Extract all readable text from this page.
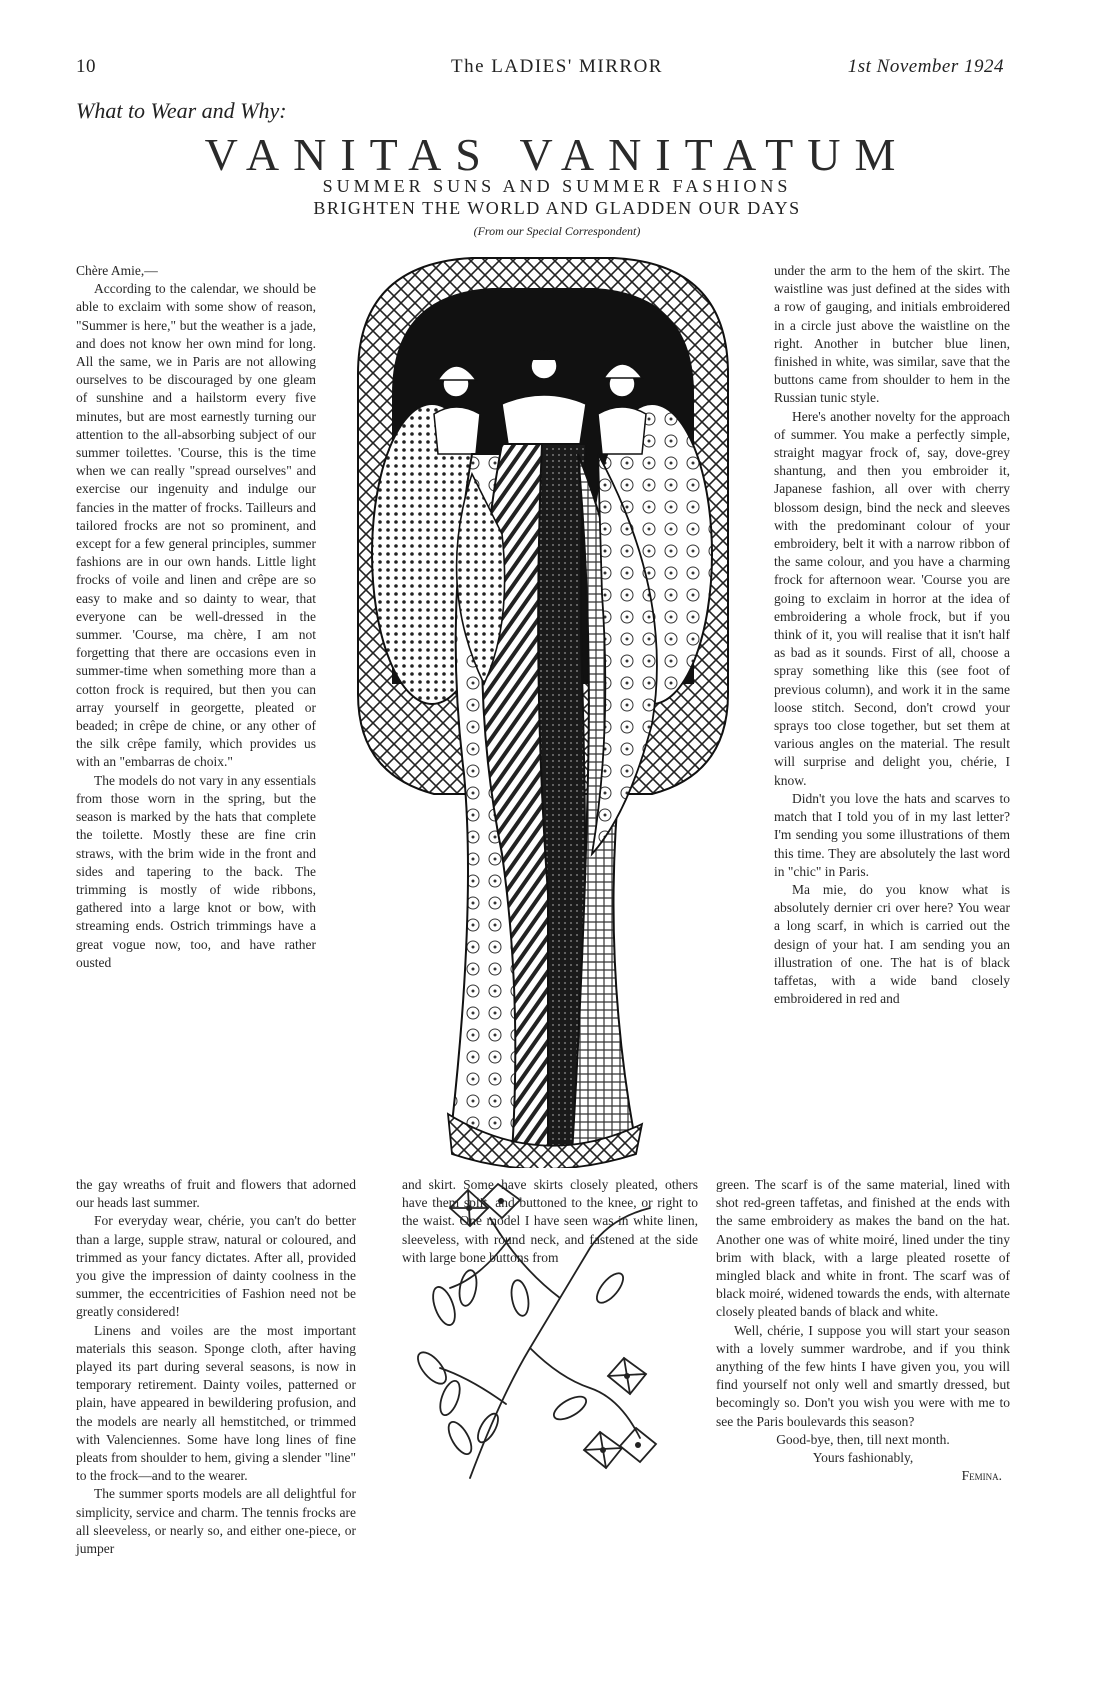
10	The LADIES' MIRROR	1st November 1924
What to Wear and Why:
VANITAS VANITATUM
SUMMER SUNS AND SUMMER FASHIONS
BRIGHTEN THE WORLD AND GLADDEN OUR DAYS
(From our Special Correspondent)

Chère Amie,—

According to the calendar, we should be able to exclaim with some show of reason, "Summer is here," but the weather is a jade, and does not know her own mind for long. All the same, we in Paris are not allowing ourselves to be discouraged by one gleam of sunshine and a hailstorm every five minutes, but are most earnestly turning our attention to the all-absorbing subject of our summer toilettes. 'Course, this is the time when we can really "spread ourselves" and exercise our ingenuity and indulge our fancies in the matter of frocks. Tailleurs and tailored frocks are not so prominent, and except for a few general principles, summer fashions are in our own hands. Little light frocks of voile and linen and crêpe are so easy to make and so dainty to wear, that everyone can be well-dressed in the summer. 'Course, ma chère, I am not forgetting that there are occasions even in summer-time when something more than a cotton frock is required, but then you can array yourself in georgette, pleated or beaded; in crêpe de chine, or any other of the silk crêpe family, which provides us with an "embarras de choix."

The models do not vary in any essentials from those worn in the spring, but the season is marked by the hats that complete the toilette. Mostly these are fine crin straws, with the brim wide in the front and sides and tapering to the back. The trimming is mostly of wide ribbons, gathered into a large knot or bow, with streaming ends. Ostrich trimmings have a great vogue now, too, and have rather ousted

the gay wreaths of fruit and flowers that adorned our heads last summer.

For everyday wear, chérie, you can't do better than a large, supple straw, natural or coloured, and trimmed as your fancy dictates. After all, provided you give the impression of dainty coolness in the summer, the eccentricities of Fashion need not be greatly considered!

Linens and voiles are the most important materials this season. Sponge cloth, after having played its part during several seasons, is now in temporary retirement. Dainty voiles, patterned or plain, have appeared in bewildering profusion, and the models are nearly all hemstitched, or trimmed with Valenciennes. Some have long lines of fine pleats from shoulder to hem, giving a slender "line" to the frock—and to the wearer.

The summer sports models are all delightful for simplicity, service and charm. The tennis frocks are all sleeveless, or nearly so, and either one-piece, or jumper

and skirt. Some have skirts closely pleated, others have them split, and buttoned to the knee, or right to the waist. One model I have seen was in white linen, sleeveless, with round neck, and fastened at the side with large bone buttons from

under the arm to the hem of the skirt. The waistline was just defined at the sides with a row of gauging, and initials embroidered in a circle just above the waistline on the right. Another in butcher blue linen, finished in white, was similar, save that the buttons came from shoulder to hem in the Russian tunic style.

Here's another novelty for the approach of summer. You make a perfectly simple, straight magyar frock of, say, dove-grey shantung, and then you embroider it, Japanese fashion, all over with cherry blossom design, bind the neck and sleeves with the predominant colour of your embroidery, belt it with a narrow ribbon of the same colour, and you have a charming frock for afternoon wear. 'Course you are going to exclaim in horror at the idea of embroidering a whole frock, but if you think of it, you will realise that it isn't half as bad as it sounds. First of all, choose a spray something like this (see foot of previous column), and work it in the same loose stitch. Second, don't crowd your sprays too close together, but set them at various angles on the material. The result will surprise and delight you, chérie, I know.

Didn't you love the hats and scarves to match that I told you of in my last letter? I'm sending you some illustrations of them this time. They are absolutely the last word in "chic" in Paris.

Ma mie, do you know what is absolutely dernier cri over here? You wear a long scarf, in which is carried out the design of your hat. I am sending you an illustration of one. The hat is of black taffetas, with a wide band closely embroidered in red and

green. The scarf is of the same material, lined with shot red-green taffetas, and finished at the ends with the same embroidery as makes the band on the hat. Another one was of white moiré, lined under the tiny brim with black, with a large pleated rosette of mingled black and white in front. The scarf was of black moiré, widened towards the ends, with alternate closely pleated bands of black and white.

Well, chérie, I suppose you will start your season with a lovely summer wardrobe, and if you think anything of the few hints I have given you, you will find yourself not only well and smartly dressed, but becomingly so. Don't you wish you were with me to see the Paris boulevards this season?

Good-bye, then, till next month.

Yours fashionably,

Femina.
